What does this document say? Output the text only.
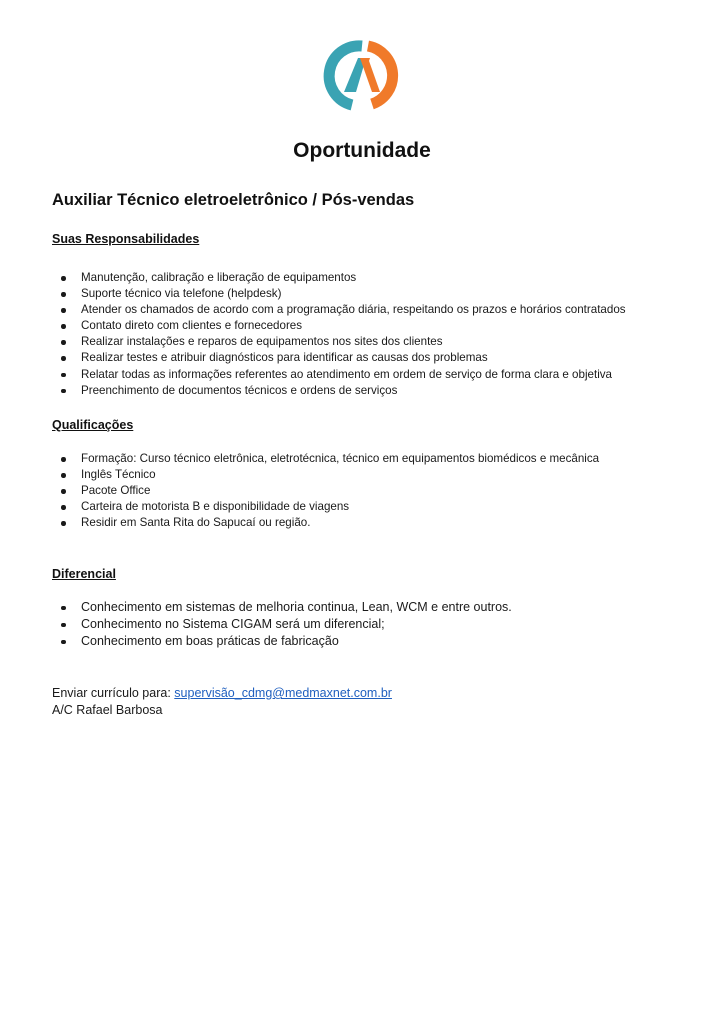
Oportunidade
Auxiliar Técnico eletroeletrônico / Pós-vendas
Suas Responsabilidades
Manutenção, calibração e liberação de equipamentos
Suporte técnico via telefone (helpdesk)
Atender os chamados de acordo com a programação diária, respeitando os prazos e horários contratados
Contato direto com clientes e fornecedores
Realizar instalações e reparos de equipamentos nos sites dos clientes
Realizar testes e atribuir diagnósticos para identificar as causas dos problemas
Relatar todas as informações referentes ao atendimento em ordem de serviço de forma clara e objetiva
Preenchimento de documentos técnicos e ordens de serviços
Qualificações
Formação: Curso técnico eletrônica, eletrotécnica, técnico em equipamentos biomédicos e mecânica
Inglês Técnico
Pacote Office
Carteira de motorista B e disponibilidade de viagens
Residir em Santa Rita do Sapucaí ou região.
Diferencial
Conhecimento em sistemas de melhoria continua, Lean, WCM e entre outros.
Conhecimento no Sistema CIGAM será um diferencial;
Conhecimento em boas práticas de fabricação
Enviar currículo para: supervisão_cdmg@medmaxnet.com.br
A/C Rafael Barbosa
